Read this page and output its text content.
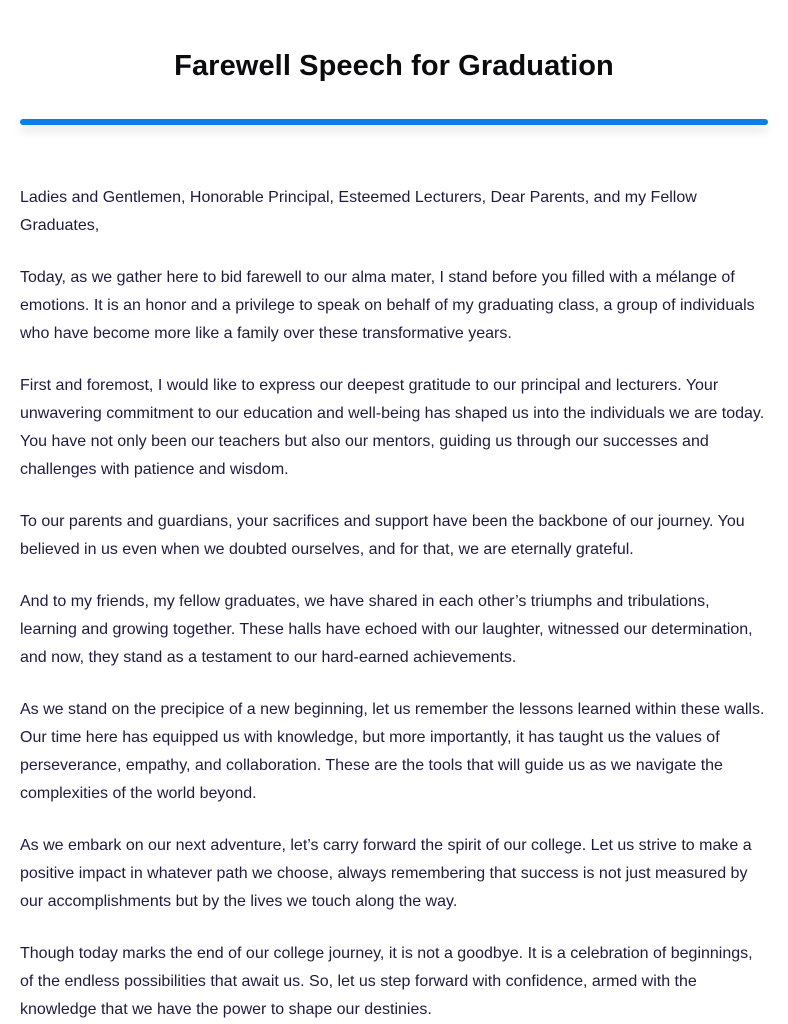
Farewell Speech for Graduation

Ladies and Gentlemen, Honorable Principal, Esteemed Lecturers, Dear Parents, and my Fellow Graduates,

Today, as we gather here to bid farewell to our alma mater, I stand before you filled with a mélange of emotions. It is an honor and a privilege to speak on behalf of my graduating class, a group of individuals who have become more like a family over these transformative years.

First and foremost, I would like to express our deepest gratitude to our principal and lecturers. Your unwavering commitment to our education and well-being has shaped us into the individuals we are today. You have not only been our teachers but also our mentors, guiding us through our successes and challenges with patience and wisdom.

To our parents and guardians, your sacrifices and support have been the backbone of our journey. You believed in us even when we doubted ourselves, and for that, we are eternally grateful.

And to my friends, my fellow graduates, we have shared in each other’s triumphs and tribulations, learning and growing together. These halls have echoed with our laughter, witnessed our determination, and now, they stand as a testament to our hard-earned achievements.

As we stand on the precipice of a new beginning, let us remember the lessons learned within these walls. Our time here has equipped us with knowledge, but more importantly, it has taught us the values of perseverance, empathy, and collaboration. These are the tools that will guide us as we navigate the complexities of the world beyond.

As we embark on our next adventure, let’s carry forward the spirit of our college. Let us strive to make a positive impact in whatever path we choose, always remembering that success is not just measured by our accomplishments but by the lives we touch along the way.

Though today marks the end of our college journey, it is not a goodbye. It is a celebration of beginnings, of the endless possibilities that await us. So, let us step forward with confidence, armed with the knowledge that we have the power to shape our destinies.
